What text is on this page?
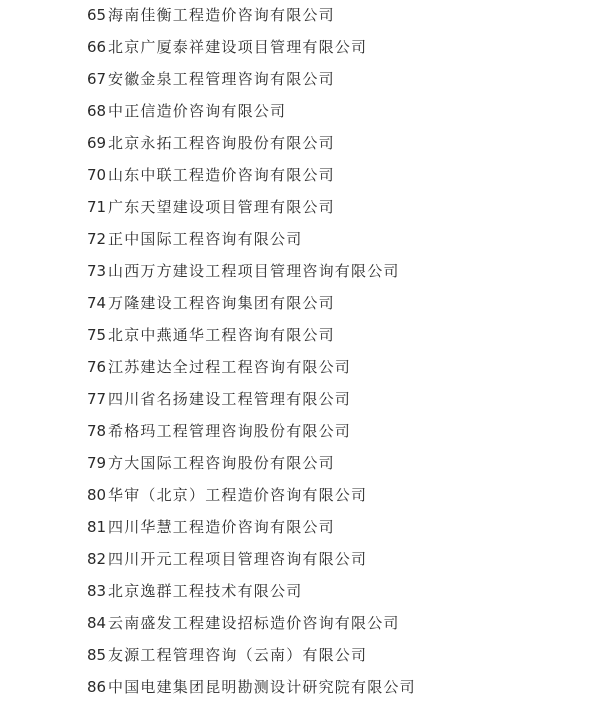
65 海南佳衡工程造价咨询有限公司
66 北京广厦泰祥建设项目管理有限公司
67 安徽金泉工程管理咨询有限公司
68 中正信造价咨询有限公司
69 北京永拓工程咨询股份有限公司
70 山东中联工程造价咨询有限公司
71 广东天望建设项目管理有限公司
72 正中国际工程咨询有限公司
73 山西万方建设工程项目管理咨询有限公司
74 万隆建设工程咨询集团有限公司
75 北京中燕通华工程咨询有限公司
76 江苏建达全过程工程咨询有限公司
77 四川省名扬建设工程管理有限公司
78 希格玛工程管理咨询股份有限公司
79 方大国际工程咨询股份有限公司
80 华审（北京）工程造价咨询有限公司
81 四川华慧工程造价咨询有限公司
82 四川开元工程项目管理咨询有限公司
83 北京逸群工程技术有限公司
84 云南盛发工程建设招标造价咨询有限公司
85 友源工程管理咨询（云南）有限公司
86 中国电建集团昆明勘测设计研究院有限公司
